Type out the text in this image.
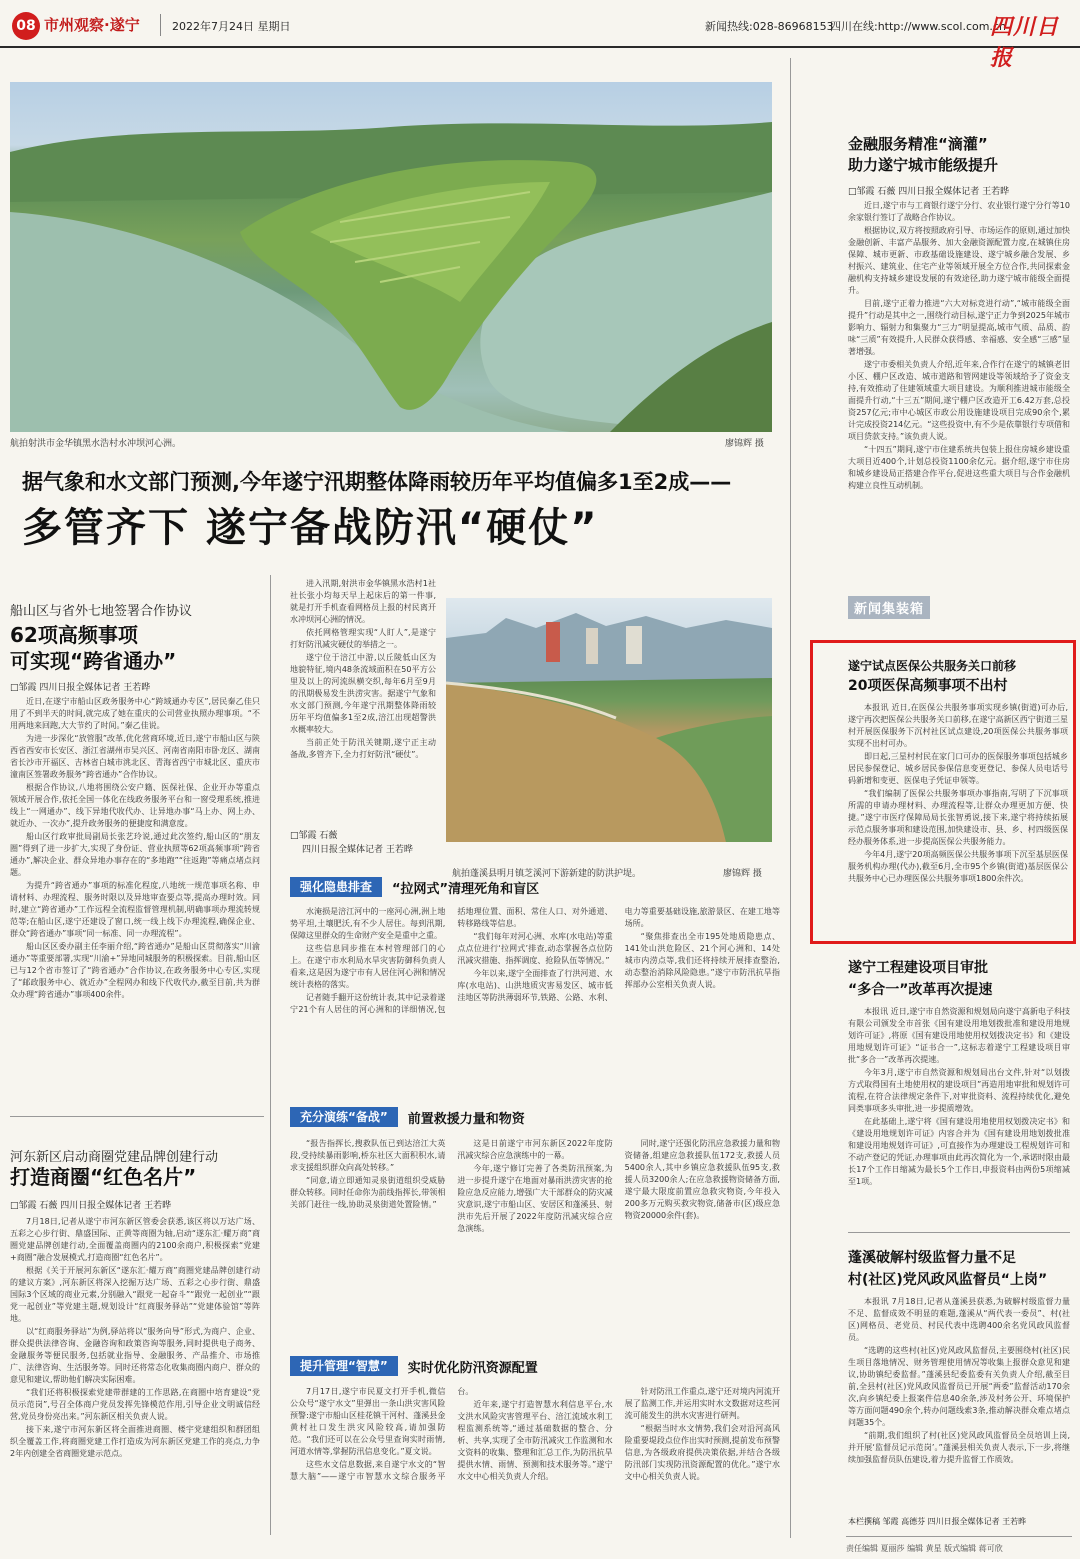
08 市州观察·遂宁	2022年7月24日 星期日	新闻热线:028-86968153
四川在线:http://www.scol.com.cn
四川日报
航拍射洪市金华镇黑水浩村水冲坝河心洲。	廖锦辉 摄
据气象和水文部门预测,今年遂宁汛期整体降雨较历年平均值偏多1至2成——
多管齐下 遂宁备战防汛“硬仗”

进入汛期,射洪市金华镇黑水浩村1社社长张小均每天早上起床后的第一件事,就是打开手机查看网格员上报的村民离开水冲坝河心洲的情况。

依托网格管理实现“人盯人”,是遂宁打好防汛减灾硬仗的举措之一。

遂宁位于涪江中游,以丘陵低山区为地貌特征,境内48条流域面积在50平方公里及以上的河流纵横交织,每年6月至9月的汛期极易发生洪涝灾害。据遂宁气象和水文部门预测,今年遂宁汛期整体降雨较历年平均值偏多1至2成,涪江出现超警洪水概率较大。

当前正处于防汛关键期,遂宁正主动备战,多管齐下,全力打好防汛“硬仗”。

□邹霞 石薇
四川日报全媒体记者 王若晔
航拍蓬溪县明月镇芝溪河下游新建的防洪护堤。	廖锦辉 摄
强化隐患排查	“拉网式”清理死角和盲区

水淹损是涪江河中的一座河心洲,洲上地势平坦,土壤肥沃,有不少人居住。每到汛期,保障这里群众的生命财产安全是重中之重。

这些信息同步推在本村管理部门的心上。在遂宁市水利局水旱灾害防御科负责人看来,这是因为遂宁市有人居住河心洲和情况统计表格的落实。

记者随手翻开这份统计表,其中记录着遂宁21个有人居住的河心洲和的详细情况,包括地理位置、面积、常住人口、对外通道、转移路线等信息。

“我们每年对河心洲、水库(水电站)等重点点位进行‘拉网式’排查,动态掌握各点位防汛减灾措施、指挥调度、抢险队伍等情况。”

今年以来,遂宁全面排查了行洪河道、水库(水电站)、山洪地质灾害易发区、城市低洼地区等防洪薄弱环节,铁路、公路、水利、电力等重要基础设施,旅游景区、在建工地等场所。

“聚焦排查出全市195处地质隐患点、141处山洪危险区、21个河心洲和、14处城市内涝点等,我们还将持续开展排查整治,动态整治消除风险隐患。”遂宁市防汛抗旱指挥部办公室相关负责人说。

充分演练“备战”	前置救援力量和物资

“报告指挥长,搜救队伍已到达涪江大英段,受持续暴雨影响,桥东社区大面积积水,请求支援组织群众向高处转移。”

“同意,请立即通知灵泉街道组织受威胁群众转移。同时任命你为前线指挥长,带领相关部门赶往一线,协助灵泉街道处置险情。”

这是日前遂宁市河东新区2022年度防汛减灾综合应急演练中的一幕。

今年,遂宁修订完善了各类防汛预案,为进一步提升遂宁在地面对暴雨洪涝灾害的抢险应急反应能力,增强广大干部群众的防灾减灾意识,遂宁市船山区、安居区和蓬溪县、射洪市先后开展了2022年度防汛减灾综合应急演练。

同时,遂宁还强化防汛应急救援力量和物资储备,组建应急救援队伍172支,救援人员5400余人,其中乡镇应急救援队伍95支,救援人员3200余人;在应急救援物资储备方面,遂宁最大限度前置应急救灾物资,今年投入200多万元购买救灾物资,储备市(区)级应急物资20000余件(套)。

提升管理“智慧”	实时优化防汛资源配置

7月17日,遂宁市民夏文打开手机,微信公众号“遂宁水文”里弹出一条山洪灾害风险预警:遂宁市船山区桂花镇干河村、蓬溪县金黄村社口发生洪灾风险较高,请加强防范。“我们还可以在公众号里查询实时雨情,河道水情等,掌握防汛信息变化。”夏文说。

这些水文信息数据,来自遂宁水文的“智慧大脑”——遂宁市智慧水文综合服务平台。

近年来,遂宁打造智慧水利信息平台,水文洪水风险灾害管理平台、涪江流域水利工程监测系统等,“通过基础数据的整合、分析、共享,实现了全市防汛减灾工作监测和水文资料的收集、整理和汇总工作,为防汛抗旱提供水情、雨情、预测和技术服务等。”遂宁水文中心相关负责人介绍。

针对防汛工作重点,遂宁还对境内河流开展了监测工作,并运用实时水文数据对这些河流可能发生的洪水灾害进行研判。

“根据当时水文情势,我们会对沿河高风险重要堤段点位作出实时预测,提前发布预警信息,为各级政府提供决策依据,并结合各级防汛部门实现防汛资源配置的优化。”遂宁水文中心相关负责人说。

船山区与省外七地签署合作协议
62项高频事项
可实现“跨省通办”
□邹霞 四川日报全媒体记者 王若晔

近日,在遂宁市船山区政务服务中心“跨域通办专区”,居民秦乙佳只用了不到半天的时间,就完成了她在重庆的公司营业执照办理事项。“不用两地来回跑,大大节约了时间。”秦乙佳说。

为进一步深化“放管服”改革,优化营商环境,近日,遂宁市船山区与陕西省西安市长安区、浙江省湖州市吴兴区、河南省南阳市卧龙区、湖南省长沙市开福区、吉林省白城市洮北区、青海省西宁市城北区、重庆市潼南区签署政务服务“跨省通办”合作协议。

根据合作协议,八地将围绕公安户籍、医保社保、企业开办等重点领域开展合作,依托全国一体化在线政务服务平台和一窗受理系统,推进线上“一网通办”、线下异地代收代办、让异地办事“马上办、网上办、就近办、一次办”,提升政务服务的便捷度和满意度。

船山区行政审批局副局长张艺玲说,通过此次签约,船山区的“朋友圈”得到了进一步扩大,实现了身份证、营业执照等62项高频事项“跨省通办”,解决企业、群众异地办事存在的“多地跑”“往返跑”等痛点堵点问题。

为提升“跨省通办”事项的标准化程度,八地统一规范事项名称、申请材料、办理流程、服务时限以及异地审查要点等,提高办理时效。同时,建立“跨省通办”工作远程全流程监督管理机制,明确事项办理流转规范等;在船山区,遂宁还建设了窗口,统一线上线下办理流程,确保企业、群众“跨省通办”事项“同一标准、同一办理流程”。

船山区区委办副主任李丽介绍,“跨省通办”是船山区贯彻落实“川渝通办”等重要部署,实现“川渝+”异地同城服务的积极探索。目前,船山区已与12个省市签订了“跨省通办”合作协议,在政务服务中心专区,实现了“邮政服务中心、就近办”全程网办和线下代收代办,截至目前,共为群众办理“跨省通办”事项400余件。

河东新区启动商圈党建品牌创建行动
打造商圈“红色名片”
□邹霞 石薇 四川日报全媒体记者 王若晔

7月18日,记者从遂宁市河东新区管委会获悉,该区将以万达广场、五彩之心步行街、鼎盛国际、正黄等商圈为轴,启动“遂东汇·耀万商”商圈党建品牌创建行动,全面覆盖商圈内的2100余商户,积极探索“党建+商圈”融合发展模式,打造商圈“红色名片”。

根据《关于开展河东新区“遂东汇·耀万商”商圈党建品牌创建行动的建议方案》,河东新区将深入挖掘万达广场、五彩之心步行街、鼎盛国际3个区域的商业元素,分别融入“跟党一起奋斗”“跟党一起创业”“跟党一起创业”等党建主题,规划设计“红商服务驿站”“党建体验馆”等阵地。

以“红商服务驿站”为例,驿站将以“服务向导”形式,为商户、企业、群众提供法律咨询、金融咨询和政策咨询等服务,同时提供电子商务、金融服务等便民服务,包括就业指导、金融服务、产品推介、市场推广、法律咨询、生活服务等。同时还将常态化收集商圈内商户、群众的意见和建议,帮助他们解决实际困难。

“我们还将积极探索党建带群建的工作思路,在商圈中培育建设“党员示范岗”,号召全体商户党员发挥先锋模范作用,引导企业文明诚信经营,党员身份亮出来。”河东新区相关负责人说。

接下来,遂宁市河东新区将全面推进商圈、楼宇党建组织和群团组织全覆盖工作,将商圈党建工作打造成为河东新区党建工作的亮点,力争2年内创建全省商圈党建示范点。

金融服务精准“滴灌”
助力遂宁城市能级提升
□邹霞 石薇 四川日报全媒体记者 王若晔

近日,遂宁市与工商银行遂宁分行、农业银行遂宁分行等10余家银行签订了战略合作协议。

根据协议,双方将按照政府引导、市场运作的原则,通过加快金融创新、丰富产品服务、加大金融资源配置力度,在城镇住房保障、城市更新、市政基础设施建设、遂宁城乡融合发展、乡村振兴、建筑业、住宅产业等领域开展全方位合作,共同探索金融机构支持城乡建设发展的有效途径,助力遂宁城市能级全面提升。

目前,遂宁正着力推进“六大对标竞进行动”,“城市能级全面提升”行动是其中之一,围绕行动目标,遂宁正力争到2025年城市影响力、辐射力和集聚力“三力”明显提高,城市气质、品质、韵味“三质”有效提升,人民群众获得感、幸福感、安全感“三感”显著增强。

遂宁市委相关负责人介绍,近年来,合作行在遂宁的城镇老旧小区、棚户区改造、城市道路和管网建设等领域给予了资金支持,有效推动了住建领域重大项目建设。为顺利推进城市能级全面提升行动,“十三五”期间,遂宁棚户区改造开工6.42万套,总投资257亿元;市中心城区市政公用设施建设项目完成90余个,累计完成投资214亿元。“这些投资中,有不少是依靠银行专项借和项目贷款支持。”该负责人说。

“十四五”期间,遂宁市住建系统共包装上报住房城乡建设重大项目近400个,计划总投资1100余亿元。据介绍,遂宁市住房和城乡建设局正搭建合作平台,促进这些重大项目与合作金融机构建立良性互动机制。

新闻集装箱
遂宁试点医保公共服务关口前移
20项医保高频事项不出村

本报讯 近日,在医保公共服务事项实现乡镇(街道)可办后,遂宁再次把医保公共服务关口前移,在遂宁高新区西宁街道三星村开展医保服务下沉村社区试点建设,20项医保公共服务事项实现不出村可办。

即日起,三星村村民在家门口可办的医保服务事项包括城乡居民参保登记、城乡居民参保信息变更登记、参保人员电话号码新增和变更、医保电子凭证申领等。

“我们编制了医保公共服务事项办事指南,写明了下沉事项所需的申请办理材料、办理流程等,让群众办理更加方便、快捷。”遂宁市医疗保障局局长张智勇说,接下来,遂宁将持续拓展示范点服务事项和建设范围,加快建设市、县、乡、村四级医保经办服务体系,进一步提高医保公共服务能力。

今年4月,遂宁20项高频医保公共服务事项下沉至基层医保服务机构办理(代办),截至6月,全市95个乡镇(街道)基层医保公共服务中心已办理医保公共服务事项1800余件次。

遂宁工程建设项目审批
“多合一”改革再次提速

本报讯 近日,遂宁市自然资源和规划局向遂宁高新电子科技有限公司颁发全市首张《国有建设用地划拨批准和建设用地规划许可证》,将原《国有建设用地使用权划拨决定书》和《建设用地规划许可证》“证书合一”,这标志着遂宁工程建设项目审批“多合一”改革再次提速。

今年3月,遂宁市自然资源和规划局出台文件,针对“以划拨方式取得国有土地使用权的建设项目”再造用地审批和规划许可流程,在符合法律规定条件下,对审批资料、流程持续优化,避免同类事项多头审批,进一步提质增效。

在此基础上,遂宁将《国有建设用地使用权划拨决定书》和《建设用地规划许可证》内容合并为《国有建设用地划拨批准和建设用地规划许可证》,可直接作为办理建设工程规划许可和不动产登记的凭证,办理事项由此再次简化为一个,承诺时限由最长17个工作日缩减为最长5个工作日,申报资料由两份5项缩减至1项。

蓬溪破解村级监督力量不足
村(社区)党风政风监督员“上岗”

本报讯 7月18日,记者从蓬溪县获悉,为破解村级监督力量不足、监督成效不明显的难题,蓬溪从“两代表一委员”、村(社区)网格员、老党员、村民代表中选聘400余名党风政风监督员。

“选聘的这些村(社区)党风政风监督员,主要围绕村(社区)民生项目落地情况、财务管理使用情况等收集上报群众意见和建议,协助镇纪委监督。”蓬溪县纪委监委有关负责人介绍,截至目前,全县村(社区)党风政风监督员已开展“两委”监督活动170余次,向乡镇纪委上报案件信息40余条,涉及村务公开、环境保护等方面问题490余个,转办问题线索3条,推动解决群众难点堵点问题35个。

“前期,我们组织了村(社区)党风政风监督员全员培训上岗,并开展‘监督员记示范岗’。”蓬溪县相关负责人表示,下一步,将继续加强监督员队伍建设,着力提升监督工作质效。

本栏撰稿 邹霞 高德芬 四川日报全媒体记者 王若晔
责任编辑 夏丽莎 编辑 黄星 版式编辑 蒋可欣
